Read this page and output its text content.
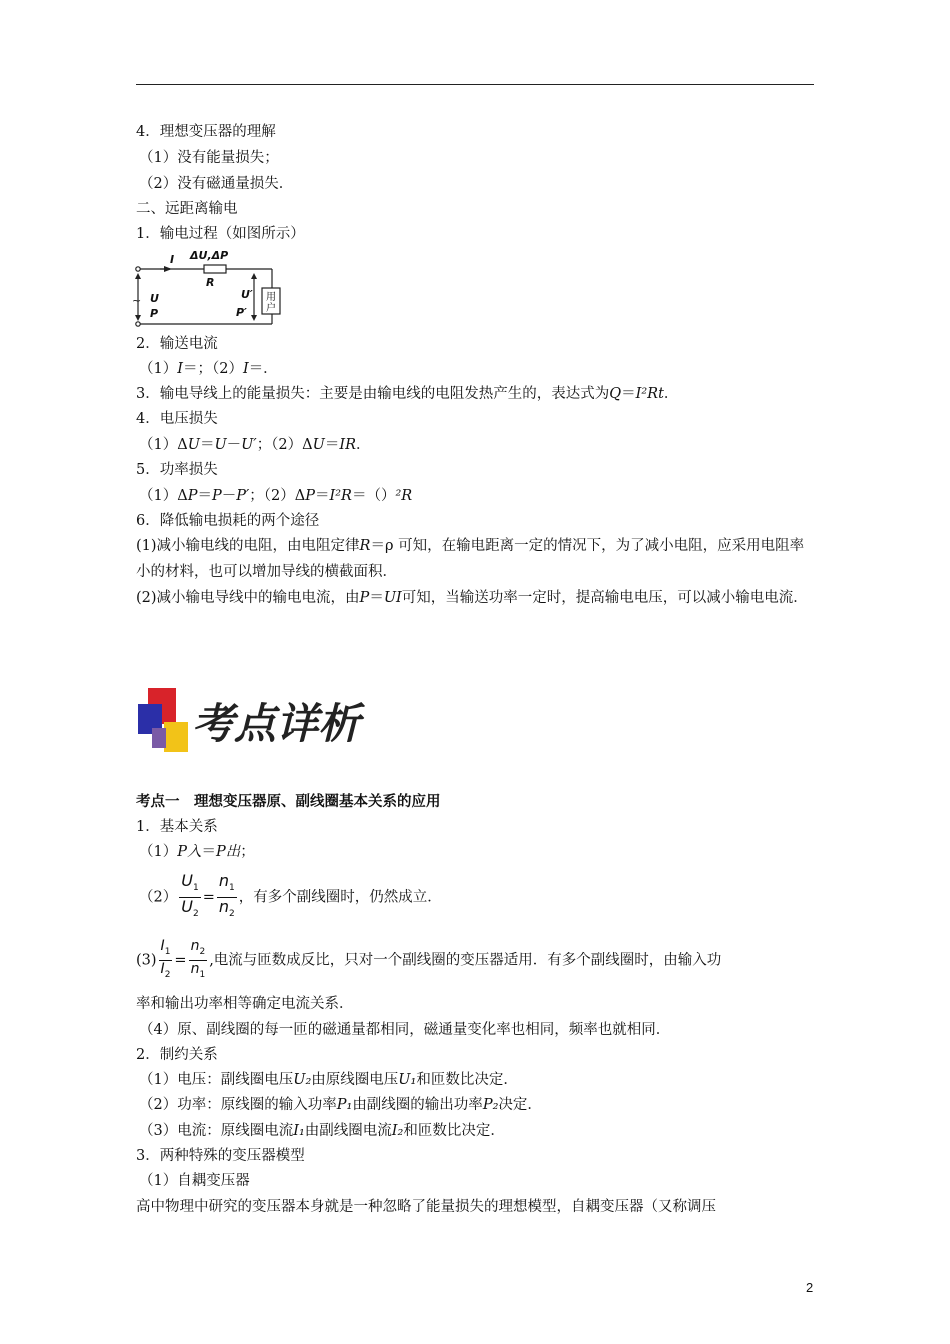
4．理想变压器的理解
（1）没有能量损失；
（2）没有磁通量损失．
二、远距离输电
1．输电过程（如图所示）
I ΔU,ΔP
R
U
P
U′
P′
~	用
户
2．输送电流
（1）I＝；（2）I＝．
3．输电导线上的能量损失：主要是由输电线的电阻发热产生的，表达式为Q＝I²Rt．
4．电压损失
（1）ΔU＝U－U′；（2）ΔU＝IR．
5．功率损失
（1）ΔP＝P－P′；（2）ΔP＝I²R＝（）²R
6．降低输电损耗的两个途径
(1)减小输电线的电阻，由电阻定律R＝ρ 可知，在输电距离一定的情况下，为了减小电阻，应采用电阻率小的材料，也可以增加导线的横截面积．
(2)减小输电导线中的输电电流，由P＝UI可知，当输送功率一定时，提高输电电压，可以减小输电电流．
考点详析
考点一　理想变压器原、副线圈基本关系的应用
1．基本关系
（1）P入＝P出；
$(2) \frac{U_1}{U_2} = \frac{n_1}{n_2}$ ，有多个副线圈时，仍然成立．
$(3) \frac{I_1}{I_2} = \frac{n_2}{n_1}$ ,电流与匝数成反比，只对一个副线圈的变压器适用．有多个副线圈时，由输入功
率和输出功率相等确定电流关系．
（4）原、副线圈的每一匝的磁通量都相同，磁通量变化率也相同，频率也就相同．
2．制约关系
（1）电压：副线圈电压U₂由原线圈电压U₁和匝数比决定．
（2）功率：原线圈的输入功率P₁由副线圈的输出功率P₂决定．
（3）电流：原线圈电流I₁由副线圈电流I₂和匝数比决定．
3．两种特殊的变压器模型
（1）自耦变压器
高中物理中研究的变压器本身就是一种忽略了能量损失的理想模型，自耦变压器（又称调压
2
